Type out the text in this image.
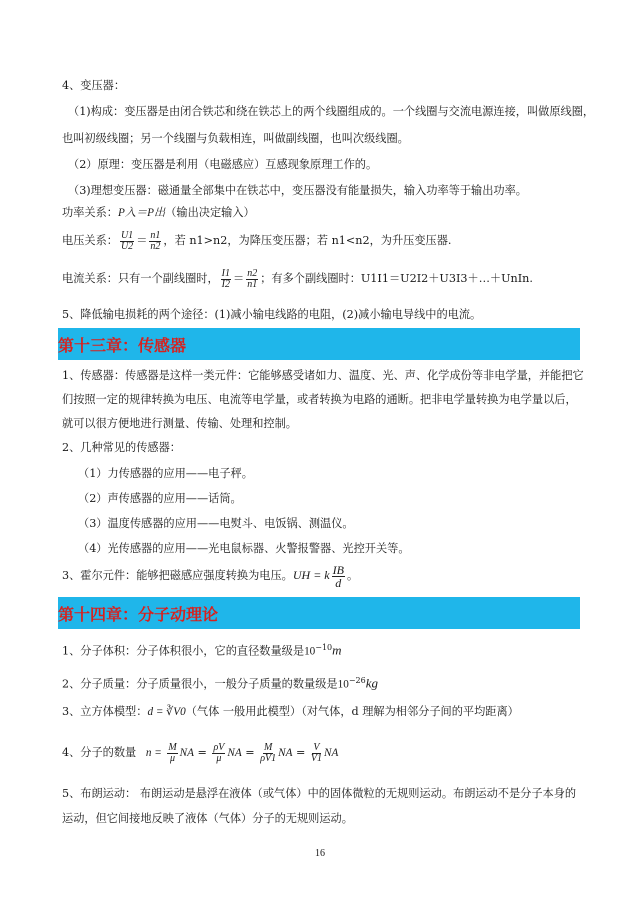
4、变压器：
（1)构成：变压器是由闭合铁芯和绕在铁芯上的两个线圈组成的。一个线圈与交流电源连接，叫做原线圈，
也叫初级线圈；另一个线圈与负载相连，叫做副线圈，也叫次级线圈。
（2）原理：变压器是利用（电磁感应）互感现象原理工作的。
（3)理想变压器：磁通量全部集中在铁芯中，变压器没有能量损失，输入功率等于输出功率。
功率关系：P入＝P出（输出决定输入）
电压关系： $\frac{U1}{U2} = \frac{n1}{n2}$ ，若 n1>n2，为降压变压器；若 n1<n2，为升压变压器.
电流关系：只有一个副线圈时， $\frac{I1}{I2} = \frac{n2}{n1}$ ；有多个副线圈时：U1I1＝U2I2＋U3I3＋…＋UnIn.
5、降低输电损耗的两个途径：(1)减小输电线路的电阻，(2)减小输电导线中的电流。
第十三章：传感器
1、传感器：传感器是这样一类元件：它能够感受诸如力、温度、光、声、化学成份等非电学量，并能把它
们按照一定的规律转换为电压、电流等电学量，或者转换为电路的通断。把非电学量转换为电学量以后，
就可以很方便地进行测量、传输、处理和控制。
2、几种常见的传感器：
（1）力传感器的应用——电子秤。
（2）声传感器的应用——话筒。
（3）温度传感器的应用——电熨斗、电饭锅、测温仪。
（4）光传感器的应用——光电鼠标器、火警报警器、光控开关等。
3、霍尔元件：能够把磁感应强度转换为电压。UH = k $\frac{IB}{d}$ 。
第十四章：分子动理论
1、分子体积：分子体积很小，它的直径数量级是$10^{-10}m$
2、分子质量：分子质量很小，一般分子质量的数量级是$10^{-26}kg$
3、立方体模型：d = ∛V0（气体 一般用此模型）（对气体，d 理解为相邻分子间的平均距离）
4、分子的数量 $n = \frac{M}{\mu}$ NA = $\frac{\rho V}{\mu}$ NA = $\frac{M}{\rho V1}$ NA = $\frac{V}{V1}$ NA
5、布朗运动： 布朗运动是悬浮在液体（或气体）中的固体微粒的无规则运动。布朗运动不是分子本身的
运动，但它间接地反映了液体（气体）分子的无规则运动。
16
